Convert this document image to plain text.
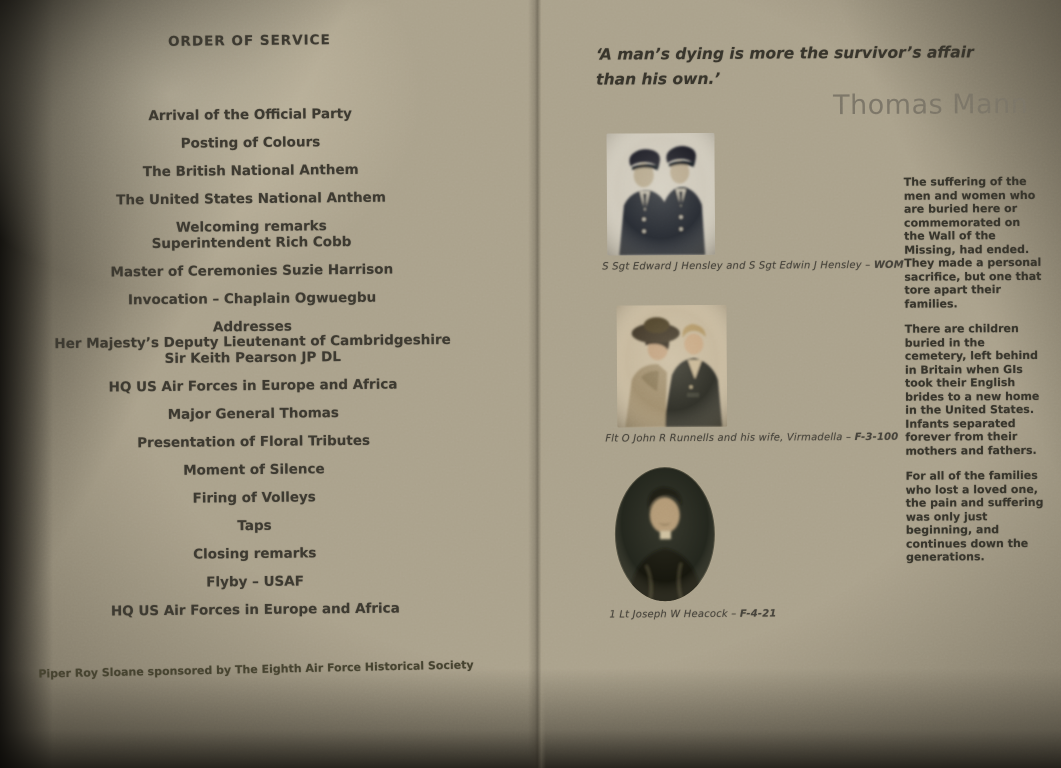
ORDER OF SERVICE
Arrival of the Official Party
Posting of Colours
The British National Anthem
The United States National Anthem
Welcoming remarks
Superintendent Rich Cobb
Master of Ceremonies Suzie Harrison
Invocation – Chaplain Ogwuegbu
Addresses
Her Majesty’s Deputy Lieutenant of Cambridgeshire
Sir Keith Pearson JP DL
HQ US Air Forces in Europe and Africa
Major General Thomas
Presentation of Floral Tributes
Moment of Silence
Firing of Volleys
Taps
Closing remarks
Flyby – USAF
HQ US Air Forces in Europe and Africa
Piper Roy Sloane sponsored by The Eighth Air Force Historical Society
‘A man’s dying is more the survivor’s affair than his own.’
Thomas Mann
S Sgt Edward J Hensley and S Sgt Edwin J Hensley – WOM
Flt O John R Runnells and his wife, Virmadella – F-3-100
1 Lt Joseph W Heacock – F-4-21

The suffering of the men and women who are buried here or commemorated on the Wall of the Missing, had ended. They made a personal sacrifice, but one that tore apart their families.

There are children buried in the cemetery, left behind in Britain when GIs took their English brides to a new home in the United States. Infants separated forever from their mothers and fathers.

For all of the families who lost a loved one, the pain and suffering was only just beginning, and continues down the generations.
